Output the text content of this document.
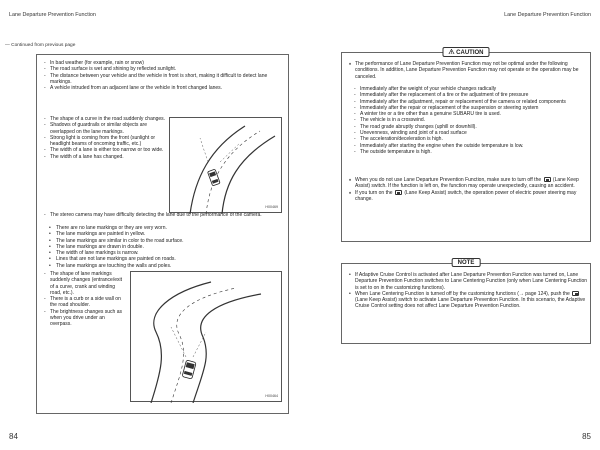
Lane Departure Prevention Function
— Continued from previous page
84
- In bad weather (for example, rain or snow)
- The road surface is wet and shining by reflected sunlight.
- The distance between your vehicle and the vehicle in front is short, making it difficult to detect lane markings.
- A vehicle intruded from an adjacent lane or the vehicle in front changed lanes.
- The shape of a curve in the road suddenly changes.
- Shadows of guardrails or similar objects are overlapped on the lane markings.
- Strong light is coming from the front (sunlight or headlight beams of oncoming traffic, etc.)
- The width of a lane is either too narrow or too wide.
- The width of a lane has changed.
- The stereo camera may have difficulty detecting the lane due to the performance of the camera.
• There are no lane markings or they are very worn.
• The lane markings are painted in yellow.
• The lane markings are similar in color to the road surface.
• The lane markings are drawn in double.
• The width of lane markings is narrow.
• Lines that are not lane markings are painted on roads.
• The lane markings are touching the walls and poles.
- The shape of lane markings suddenly changes (entrance/exit of a curve, crank and winding road, etc.).
- There is a curb or a side wall on the road shoulder.
- The brightness changes such as when you drive under an overpass.
H00469
H00464
Lane Departure Prevention Function
85
CAUTION
♦ The performance of Lane Departure Prevention Function may not be optimal under the following conditions. In addition, Lane Departure Prevention Function may not operate or the operation may be canceled.
- Immediately after the weight of your vehicle changes radically
- Immediately after the replacement of a tire or the adjustment of tire pressure
- Immediately after the adjustment, repair or replacement of the camera or related components
- Immediately after the repair or replacement of the suspension or steering system
- A winter tire or a tire other than a genuine SUBARU tire is used.
- The vehicle is in a crosswind.
- The road grade abruptly changes (uphill or downhill).
- Unevenness, winding and joint of a road surface
- The acceleration/deceleration is high.
- Immediately after starting the engine when the outside temperature is low.
- The outside temperature is high.
♦ When you do not use Lane Departure Prevention Function, make sure to turn off the (Lane Keep Assist) switch. If the function is left on, the function may operate unexpectedly, causing an accident.
♦ If you turn on the (Lane Keep Assist) switch, the operation power of electric power steering may change.
NOTE
• If Adaptive Cruise Control is activated after Lane Departure Prevention Function was turned on, Lane Departure Prevention Function switches to Lane Centering Function (only when Lane Centering Function is set to on in the customizing functions).
• When Lane Centering Function is turned off by the customizing functions (→ page 124), push the  (Lane Keep Assist) switch to activate Lane Departure Prevention Function. In this scenario, the Adaptive Cruise Control setting does not affect Lane Departure Prevention Function.
